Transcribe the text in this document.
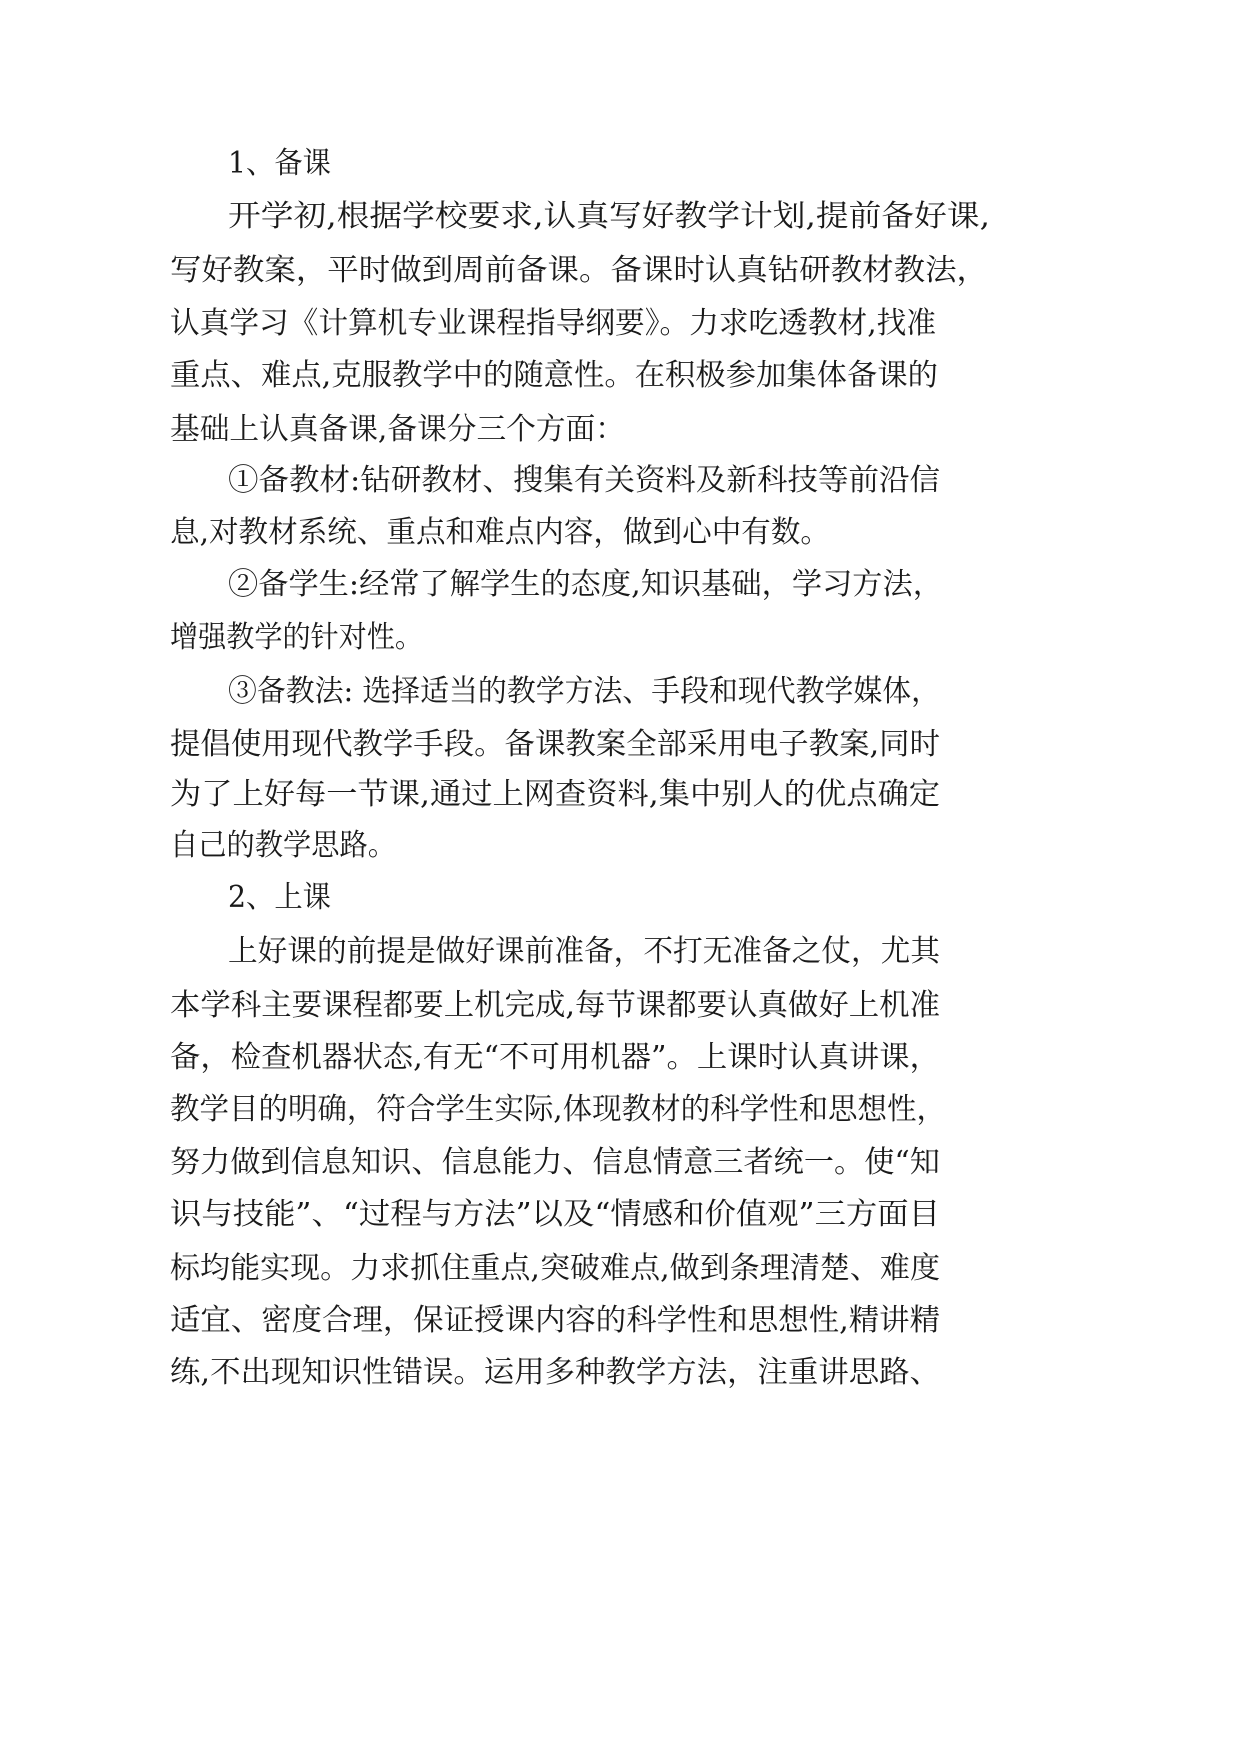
1、备课
开学初,根据学校要求,认真写好教学计划,提前备好课,
写好教案，平时做到周前备课。备课时认真钻研教材教法，
认真学习《计算机专业课程指导纲要》。力求吃透教材,找准
重点、难点,克服教学中的随意性。在积极参加集体备课的
基础上认真备课,备课分三个方面：
①备教材:钻研教材、搜集有关资料及新科技等前沿信
息,对教材系统、重点和难点内容，做到心中有数。
②备学生:经常了解学生的态度,知识基础，学习方法，
增强教学的针对性。
③备教法: 选择适当的教学方法、手段和现代教学媒体，
提倡使用现代教学手段。备课教案全部采用电子教案,同时
为了上好每一节课,通过上网查资料,集中别人的优点确定
自己的教学思路。
2、上课
上好课的前提是做好课前准备，不打无准备之仗，尤其
本学科主要课程都要上机完成,每节课都要认真做好上机准
备，检查机器状态,有无“不可用机器”。上课时认真讲课，
教学目的明确，符合学生实际,体现教材的科学性和思想性，
努力做到信息知识、信息能力、信息情意三者统一。使“知
识与技能”、“过程与方法”以及“情感和价值观”三方面目
标均能实现。力求抓住重点,突破难点,做到条理清楚、难度
适宜、密度合理，保证授课内容的科学性和思想性,精讲精
练,不出现知识性错误。运用多种教学方法，注重讲思路、
